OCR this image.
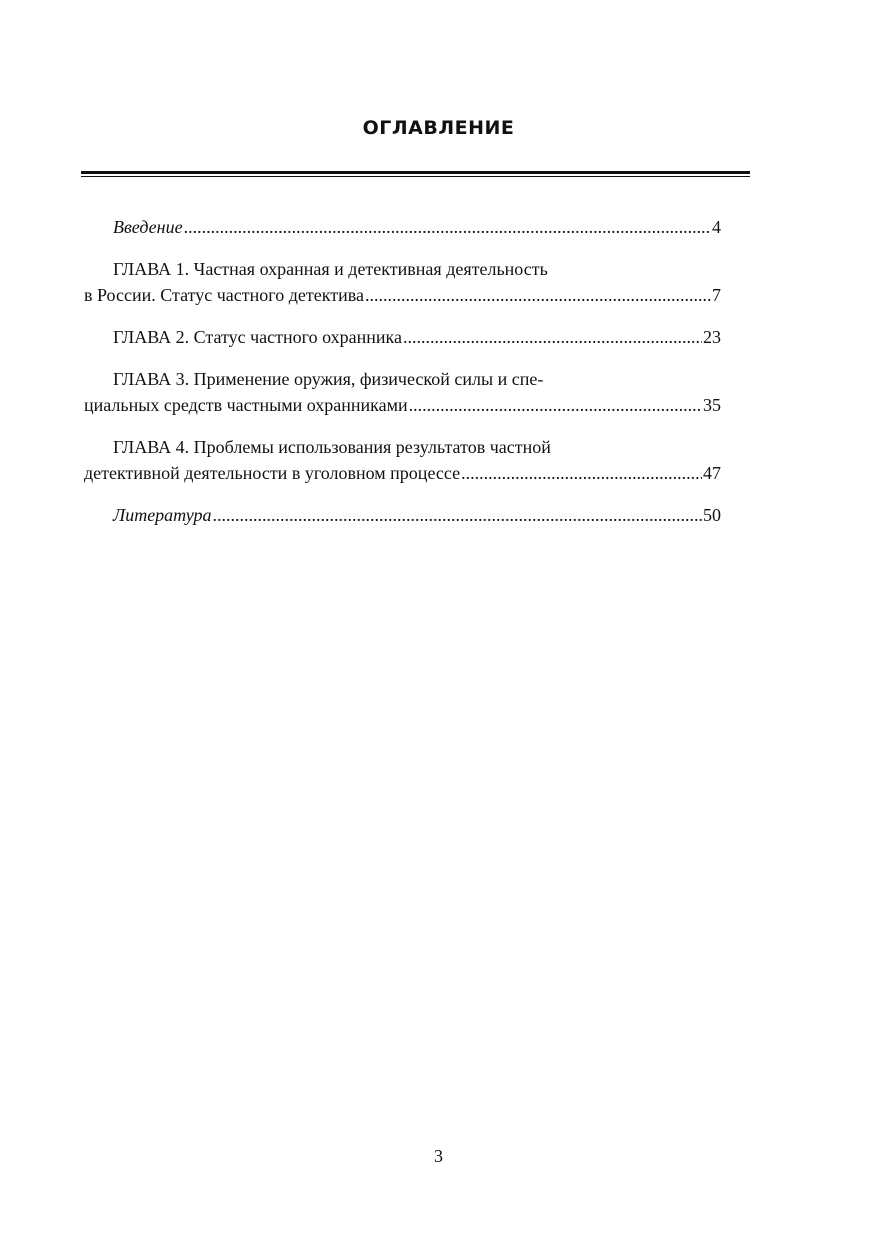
ОГЛАВЛЕНИЕ
Введение .....	4
ГЛАВА 1. Частная охранная и детективная деятельность
в России. Статус частного детектива .....	7
ГЛАВА 2. Статус частного охранника .....	23
ГЛАВА 3. Применение оружия, физической силы и спе-
циальных средств частными охранниками .....	35
ГЛАВА 4. Проблемы использования результатов частной
детективной деятельности в уголовном процессе .....	47
Литература .....	50
3
